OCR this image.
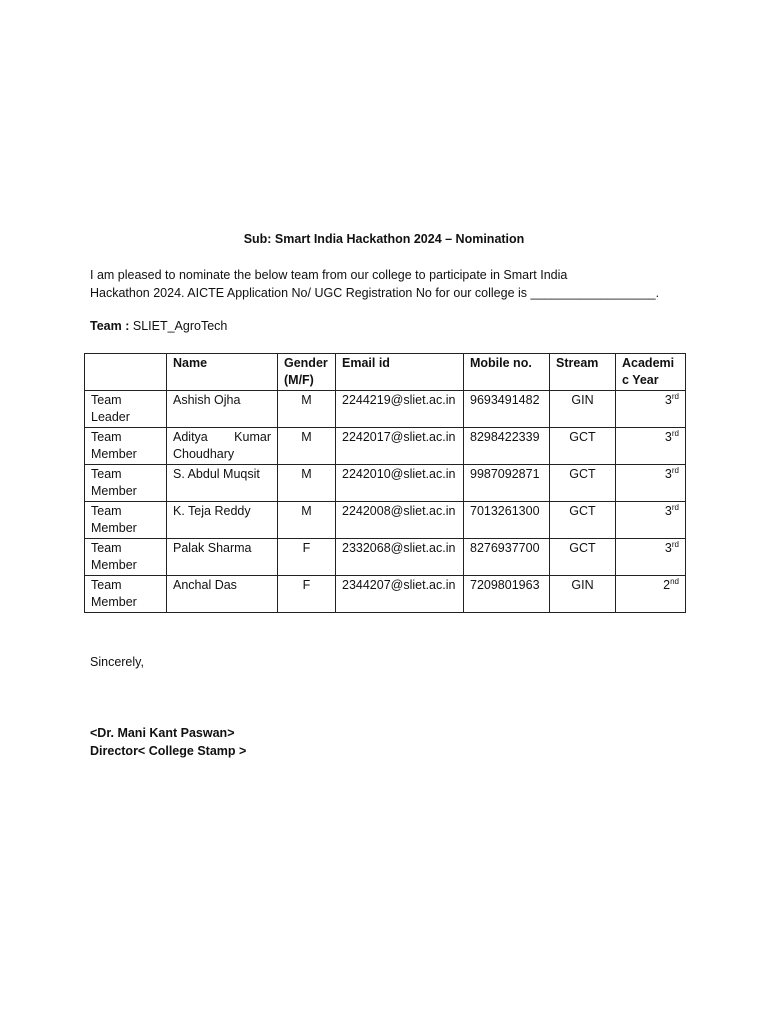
Sub: Smart India Hackathon 2024 – Nomination
I am pleased to nominate the below team from our college to participate in Smart India
Hackathon 2024. AICTE Application No/ UGC Registration No for our college is __________________.
Team : SLIET_AgroTech
	Name	Gender (M/F)	Email id	Mobile no.	Stream	Academic Year
Team Leader	Ashish Ojha	M	2244219@sliet.ac.in	9693491482	GIN	3rd
Team Member	Aditya Kumar Choudhary	M	2242017@sliet.ac.in	8298422339	GCT	3rd
Team Member	S. Abdul Muqsit	M	2242010@sliet.ac.in	9987092871	GCT	3rd
Team Member	K. Teja Reddy	M	2242008@sliet.ac.in	7013261300	GCT	3rd
Team Member	Palak Sharma	F	2332068@sliet.ac.in	8276937700	GCT	3rd
Team Member	Anchal Das	F	2344207@sliet.ac.in	7209801963	GIN	2nd
Sincerely,
<Dr. Mani Kant Paswan>
Director< College Stamp >
